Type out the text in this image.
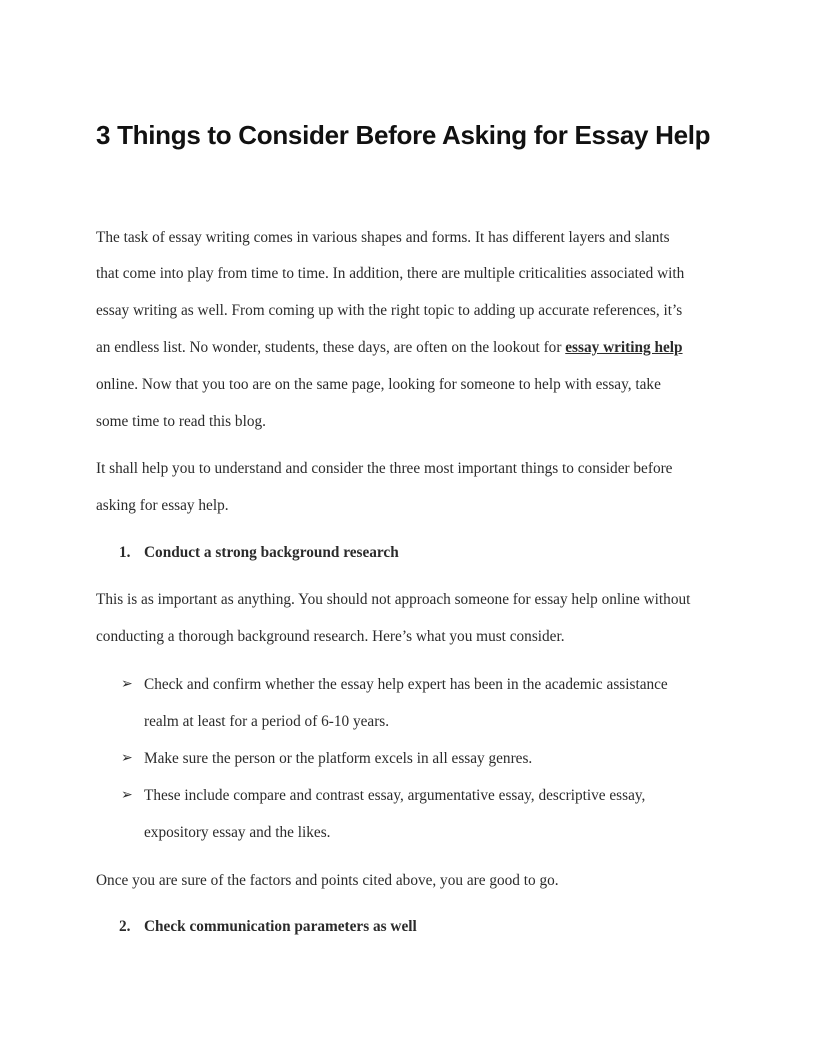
3 Things to Consider Before Asking for Essay Help
The task of essay writing comes in various shapes and forms. It has different layers and slants
that come into play from time to time. In addition, there are multiple criticalities associated with
essay writing as well. From coming up with the right topic to adding up accurate references, it’s
an endless list. No wonder, students, these days, are often on the lookout for essay writing help
online. Now that you too are on the same page, looking for someone to help with essay, take
some time to read this blog.
It shall help you to understand and consider the three most important things to consider before
asking for essay help.
1. Conduct a strong background research
This is as important as anything. You should not approach someone for essay help online without
conducting a thorough background research. Here’s what you must consider.
➢ Check and confirm whether the essay help expert has been in the academic assistance
realm at least for a period of 6-10 years.
➢ Make sure the person or the platform excels in all essay genres.
➢ These include compare and contrast essay, argumentative essay, descriptive essay,
expository essay and the likes.
Once you are sure of the factors and points cited above, you are good to go.
2. Check communication parameters as well
